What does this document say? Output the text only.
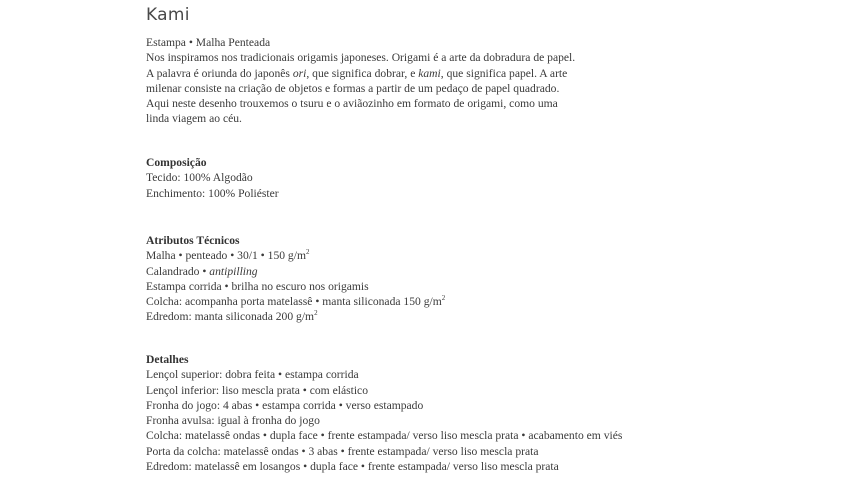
Kami

Estampa • Malha Penteada

Nos inspiramos nos tradicionais origamis japoneses. Origami é a arte da dobradura de papel.

A palavra é oriunda do japonês ori, que significa dobrar, e kami, que significa papel. A arte

milenar consiste na criação de objetos e formas a partir de um pedaço de papel quadrado.

Aqui neste desenho trouxemos o tsuru e o aviãozinho em formato de origami, como uma

linda viagem ao céu.

Composição

Tecido: 100% Algodão

Enchimento: 100% Poliéster

Atributos Técnicos

Malha • penteado • 30/1 • 150 $g/m^2$

Calandrado • antipilling

Estampa corrida • brilha no escuro nos origamis

Colcha: acompanha porta matelassê • manta siliconada 150 $g/m^2$

Edredom: manta siliconada 200 $g/m^2$

Detalhes

Lençol superior: dobra feita • estampa corrida

Lençol inferior: liso mescla prata • com elástico

Fronha do jogo: 4 abas • estampa corrida • verso estampado

Fronha avulsa: igual à fronha do jogo

Colcha: matelassê ondas • dupla face • frente estampada/ verso liso mescla prata • acabamento em viés

Porta da colcha: matelassê ondas • 3 abas • frente estampada/ verso liso mescla prata

Edredom: matelassê em losangos • dupla face • frente estampada/ verso liso mescla prata
